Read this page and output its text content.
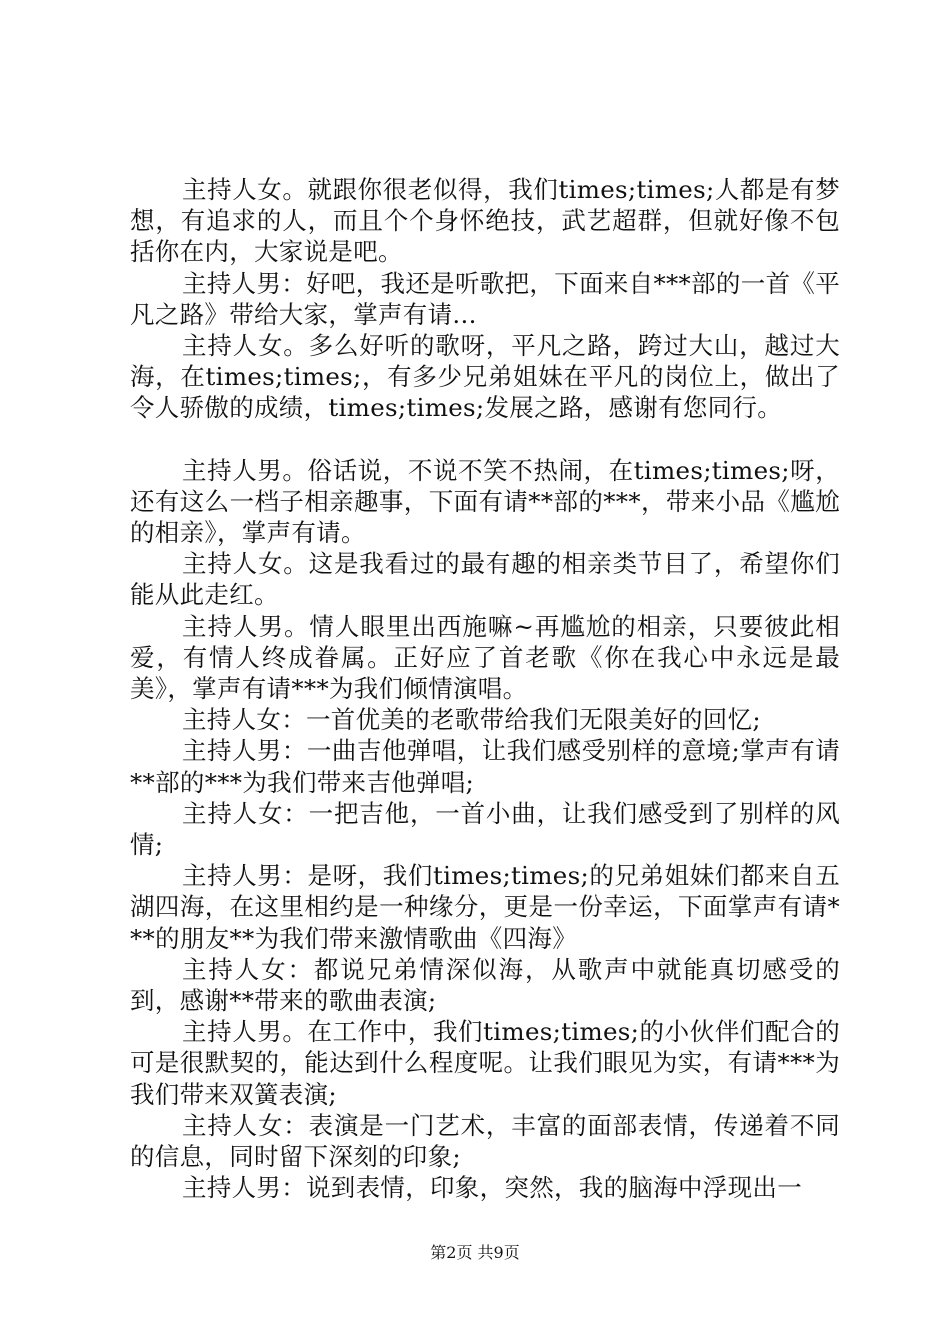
主持人女。就跟你很老似得，我们times;times;人都是有梦想，有追求的人，而且个个身怀绝技，武艺超群，但就好像不包括你在内，大家说是吧。

主持人男：好吧，我还是听歌把，下面来自***部的一首《平凡之路》带给大家，掌声有请...

主持人女。多么好听的歌呀，平凡之路，跨过大山，越过大海，在times;times;，有多少兄弟姐妹在平凡的岗位上，做出了令人骄傲的成绩，times;times;发展之路，感谢有您同行。

主持人男。俗话说，不说不笑不热闹，在times;times;呀，还有这么一档子相亲趣事，下面有请**部的***，带来小品《尴尬的相亲》，掌声有请。

主持人女。这是我看过的最有趣的相亲类节目了，希望你们能从此走红。

主持人男。情人眼里出西施嘛~再尴尬的相亲，只要彼此相爱，有情人终成眷属。正好应了首老歌《你在我心中永远是最美》，掌声有请***为我们倾情演唱。

主持人女：一首优美的老歌带给我们无限美好的回忆;

主持人男：一曲吉他弹唱，让我们感受别样的意境;掌声有请**部的***为我们带来吉他弹唱;

主持人女：一把吉他，一首小曲，让我们感受到了别样的风情;

主持人男：是呀，我们times;times;的兄弟姐妹们都来自五湖四海，在这里相约是一种缘分，更是一份幸运，下面掌声有请***的朋友**为我们带来激情歌曲《四海》

主持人女：都说兄弟情深似海，从歌声中就能真切感受的到，感谢**带来的歌曲表演;

主持人男。在工作中，我们times;times;的小伙伴们配合的可是很默契的，能达到什么程度呢。让我们眼见为实，有请***为我们带来双簧表演;

主持人女：表演是一门艺术，丰富的面部表情，传递着不同的信息，同时留下深刻的印象;

主持人男：说到表情，印象，突然，我的脑海中浮现出一

第2页 共9页
